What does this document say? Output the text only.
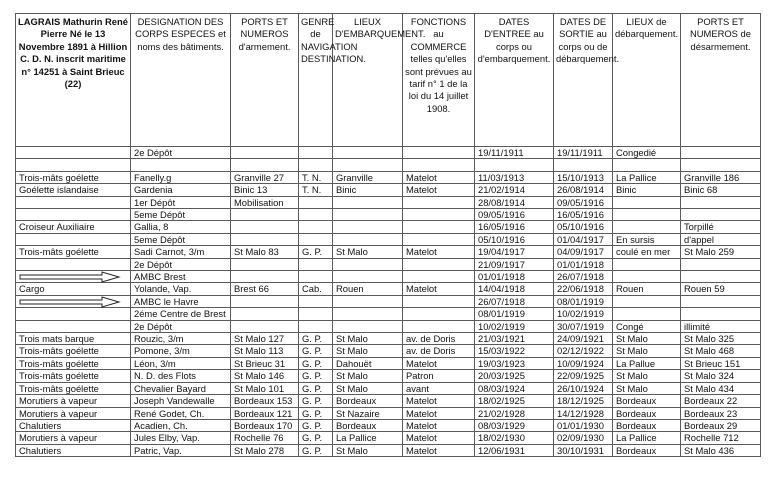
LAGRAIS Mathurin René Pierre Né le 13 Novembre 1891 à Hillion C. D. N. inscrit maritime n° 14251 à Saint Brieuc (22)	DESIGNATION DES CORPS ESPECES et noms des bâtiments.	PORTS ET NUMEROS d'armement.	GENRE de NAVIGATION DESTINATION.	LIEUX D'EMBARQUEMENT.	FONCTIONS au COMMERCE telles qu'elles sont prévues au tarif n° 1 de la loi du 14 juillet 1908.	DATES D'ENTREE au corps ou d'embarquement.	DATES DE SORTIE au corps ou de débarquement.	LIEUX de débarquement.	PORTS ET NUMEROS de désarmement.
	2e Dépôt					19/11/1911	19/11/1911	Congedié	

Trois-mâts goélette	Fanelly.g	Granville 27	T. N.	Granville	Matelot	11/03/1913	15/10/1913	La Pallice	Granville 186
Goélette islandaise	Gardenia	Binic 13	T. N.	Binic	Matelot	21/02/1914	26/08/1914	Binic	Binic 68
	1er Dépôt	Mobilisation				28/08/1914	09/05/1916		
	5eme Dépôt					09/05/1916	16/05/1916		
Croiseur Auxiliaire	Gallia, 8					16/05/1916	05/10/1916		Torpillé
	5eme Dépôt					05/10/1916	01/04/1917	En sursis	d'appel
Trois-mâts goélette	Sadi Carnot, 3/m	St Malo 83	G. P.	St Malo	Matelot	19/04/1917	04/09/1917	coulé en mer	St Malo 259
	2e Dépôt					21/09/1917	01/01/1918		

	AMBC Brest					01/01/1918	26/07/1918		
Cargo	Yolande, Vap.	Brest 66	Cab.	Rouen	Matelot	14/04/1918	22/06/1918	Rouen	Rouen 59

	AMBC le Havre					26/07/1918	08/01/1919		
	2éme Centre de Brest					08/01/1919	10/02/1919		
	2e Dépôt					10/02/1919	30/07/1919	Congé	illimité
Trois mats barque	Rouzic, 3/m	St Malo 127	G. P.	St Malo	av. de Doris	21/03/1921	24/09/1921	St Malo	St Malo 325
Trois-mâts goélette	Pomone, 3/m	St Malo 113	G. P.	St Malo	av. de Doris	15/03/1922	02/12/1922	St Malo	St Malo 468
Trois-mâts goélette	Léon, 3/m	St Brieuc 31	G. P.	Dahouët	Matelot	19/03/1923	10/09/1924	La Pallue	St Brieuc 151
Trois-mâts goélette	N. D. des Flots	St Malo 146	G. P.	St Malo	Patron	20/03/1925	22/09/1925	St Malo	St Malo 324
Trois-mâts goélette	Chevalier Bayard	St Malo 101	G. P.	St Malo	avant	08/03/1924	26/10/1924	St Malo	St Malo 434
Morutiers à vapeur	Joseph Vandewalle	Bordeaux 153	G. P.	Bordeaux	Matelot	18/02/1925	18/12/1925	Bordeaux	Bordeaux 22
Morutiers à vapeur	René Godet, Ch.	Bordeaux 121	G. P.	St Nazaire	Matelot	21/02/1928	14/12/1928	Bordeaux	Bordeaux 23
Chalutiers	Acadien, Ch.	Bordeaux 170	G. P.	Bordeaux	Matelot	08/03/1929	01/01/1930	Bordeaux	Bordeaux 29
Morutiers à vapeur	Jules Elby, Vap.	Rochelle 76	G. P.	La Pallice	Matelot	18/02/1930	02/09/1930	La Pallice	Rochelle 712
Chalutiers	Patric, Vap.	St Malo 278	G. P.	St Malo	Matelot	12/06/1931	30/10/1931	Bordeaux	St Malo 436
